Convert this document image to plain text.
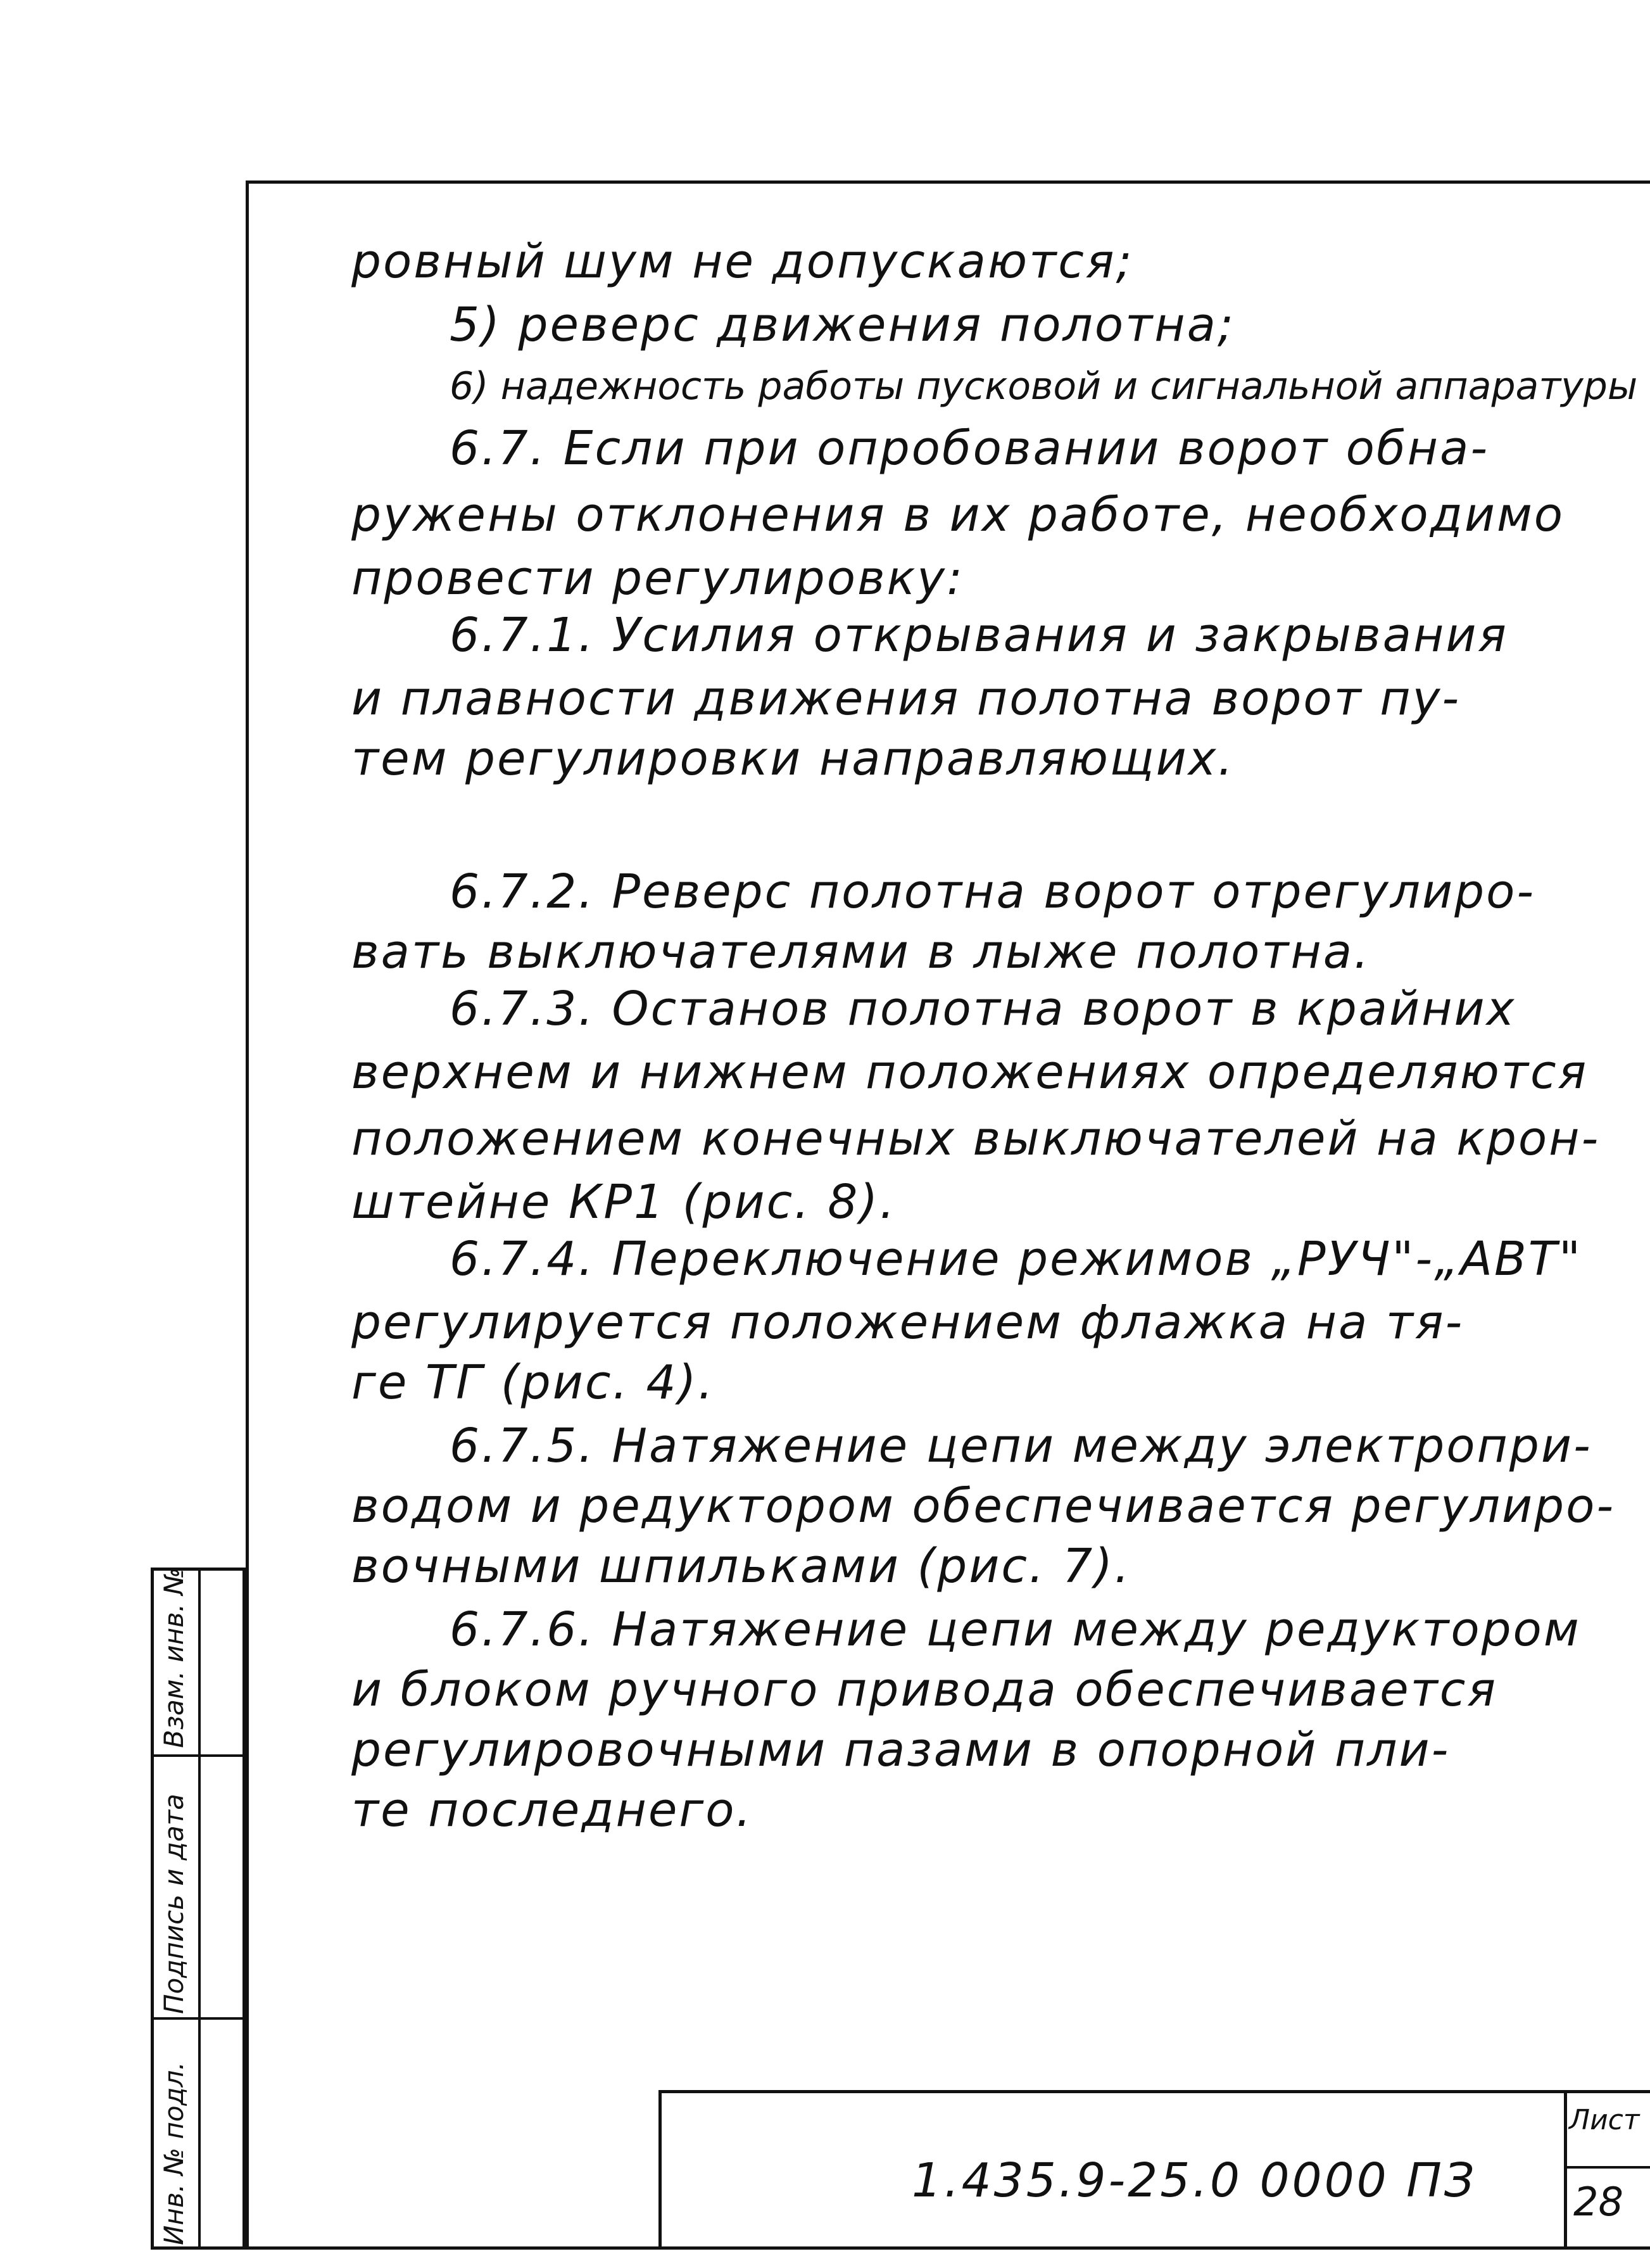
ровный шум не допускаются;
5) реверс движения полотна;
6) надежность работы пусковой и сигнальной аппаратуры
6.7. Если при опробовании ворот обна-
ружены отклонения в их работе, необходимо
провести регулировку:
6.7.1. Усилия открывания и закрывания
и плавности движения полотна ворот пу-
тем регулировки направляющих.
6.7.2. Реверс полотна ворот отрегулиро-
вать выключателями в лыже полотна.
6.7.3. Останов полотна ворот в крайних
верхнем и нижнем положениях определяются
положением конечных выключателей на крон-
штейне КР1 (рис. 8).
6.7.4. Переключение режимов „РУЧ"-„АВТ"
регулируется положением флажка на тя-
ге ТГ (рис. 4).
6.7.5. Натяжение цепи между электропри-
водом и редуктором обеспечивается регулиро-
вочными шпильками (рис. 7).
6.7.6. Натяжение цепи между редуктором
и блоком ручного привода обеспечивается
регулировочными пазами в опорной пли-
те последнего.
Инв. № подл.
Подпись и дата
Взам. инв. №
1.435.9-25.0 0000 ПЗ
Лист
28
